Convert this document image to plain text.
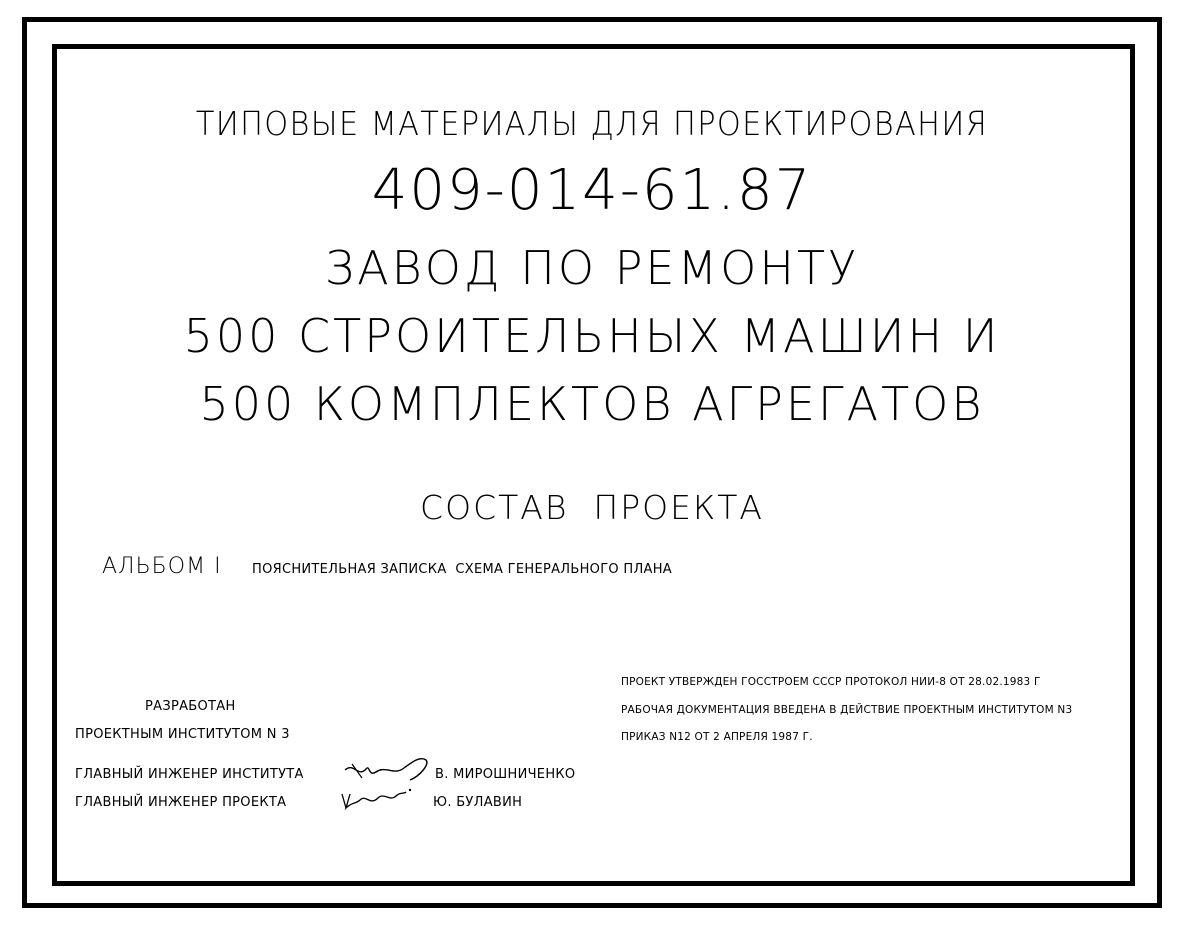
ТИПОВЫЕ МАТЕРИАЛЫ ДЛЯ ПРОЕКТИРОВАНИЯ
409-014-61.87
ЗАВОД ПО РЕМОНТУ
500 СТРОИТЕЛЬНЫХ МАШИН И
500 КОМПЛЕКТОВ АГРЕГАТОВ
СОСТАВ  ПРОЕКТА
АЛЬБОМ I ПОЯСНИТЕЛЬНАЯ ЗАПИСКА  СХЕМА ГЕНЕРАЛЬНОГО ПЛАНА
РАЗРАБОТАН
ПРОЕКТНЫМ ИНСТИТУТОМ N 3
ГЛАВНЫЙ ИНЖЕНЕР ИНСТИТУТА	В. МИРОШНИЧЕНКО
ГЛАВНЫЙ ИНЖЕНЕР ПРОЕКТА	Ю. БУЛАВИН
ПРОЕКТ УТВЕРЖДЕН ГОССТРОЕМ СССР ПРОТОКОЛ НИИ-8 ОТ 28.02.1983 Г
РАБОЧАЯ ДОКУМЕНТАЦИЯ ВВЕДЕНА В ДЕЙСТВИЕ ПРОЕКТНЫМ ИНСТИТУТОМ N3
ПРИКАЗ N12 ОТ 2 АПРЕЛЯ 1987 Г.
